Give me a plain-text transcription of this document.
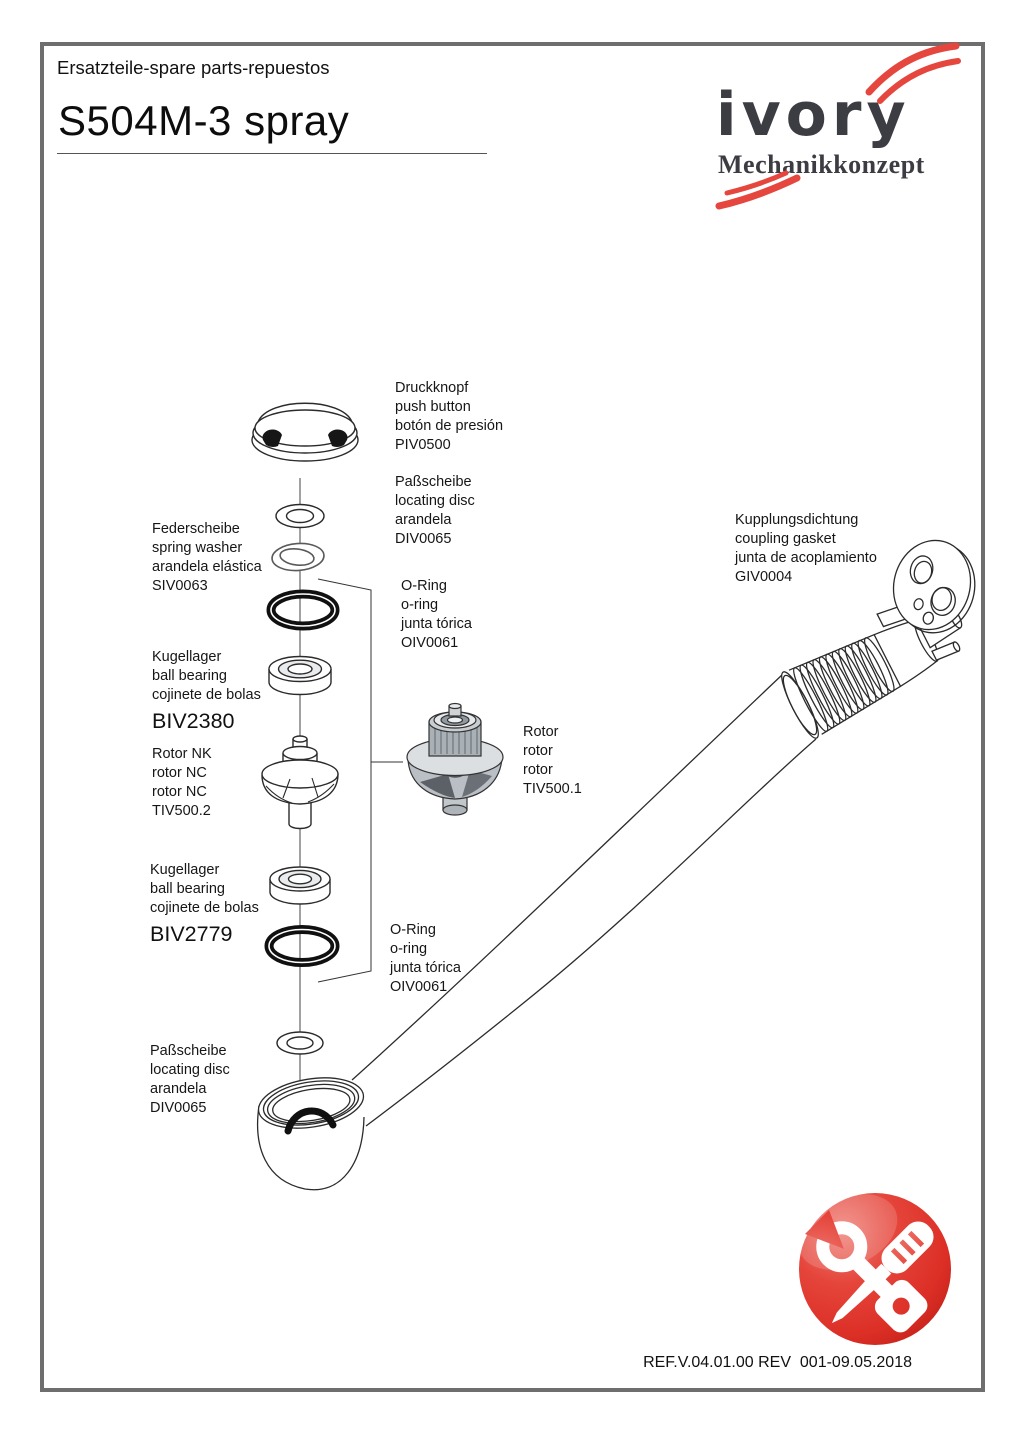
Ersatzteile-spare parts-repuestos
S504M-3 spray	ivory
Mechanikkonzept
Druckknopf
push button
botón de presión
PIV0500
Paßscheibe
locating disc
arandela
DIV0065
Federscheibe
spring washer
arandela elástica
SIV0063	O-Ring
o-ring
junta tórica
OIV0061
Kugellager
ball bearing
cojinete de bolas
BIV2380
Rotor NK
rotor NC
rotor NC
TIV500.2
Rotor
rotor
rotor
TIV500.1
Kupplungsdichtung
coupling gasket
junta de acoplamiento
GIV0004
Kugellager
ball bearing
cojinete de bolas
BIV2779	O-Ring
o-ring
junta tórica
OIV0061
Paßscheibe
locating disc
arandela
DIV0065
REF.V.04.01.00 REV  001-09.05.2018
